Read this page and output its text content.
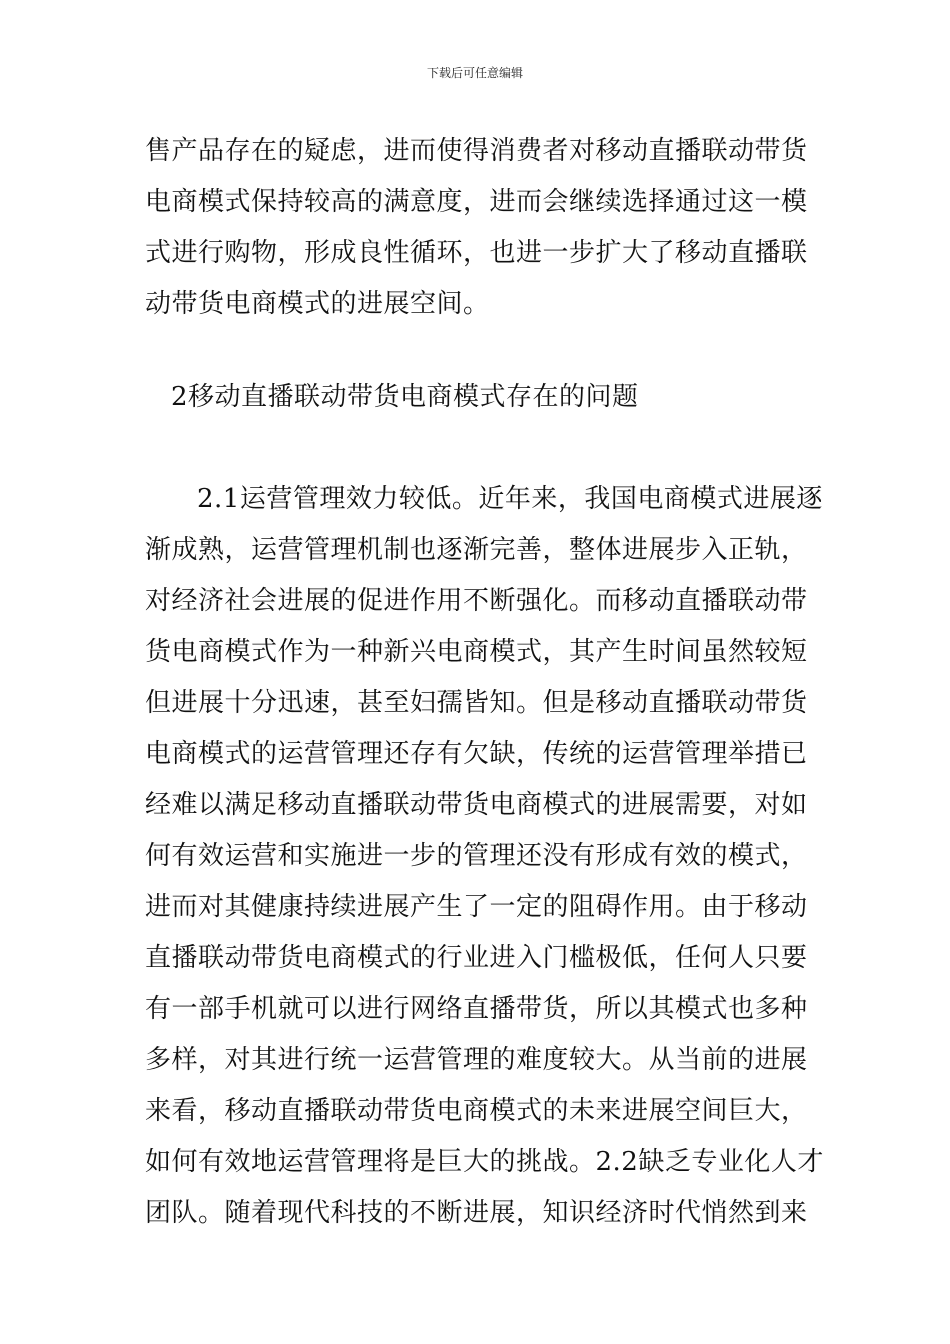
下载后可任意编辑
售产品存在的疑虑，进而使得消费者对移动直播联动带货
电商模式保持较高的满意度，进而会继续选择通过这一模
式进行购物，形成良性循环，也进一步扩大了移动直播联
动带货电商模式的进展空间。
2移动直播联动带货电商模式存在的问题
2.1运营管理效力较低。近年来，我国电商模式进展逐
渐成熟，运营管理机制也逐渐完善，整体进展步入正轨，
对经济社会进展的促进作用不断强化。而移动直播联动带
货电商模式作为一种新兴电商模式，其产生时间虽然较短
但进展十分迅速，甚至妇孺皆知。但是移动直播联动带货
电商模式的运营管理还存有欠缺，传统的运营管理举措已
经难以满足移动直播联动带货电商模式的进展需要，对如
何有效运营和实施进一步的管理还没有形成有效的模式，
进而对其健康持续进展产生了一定的阻碍作用。由于移动
直播联动带货电商模式的行业进入门槛极低，任何人只要
有一部手机就可以进行网络直播带货，所以其模式也多种
多样，对其进行统一运营管理的难度较大。从当前的进展
来看，移动直播联动带货电商模式的未来进展空间巨大，
如何有效地运营管理将是巨大的挑战。2.2缺乏专业化人才
团队。随着现代科技的不断进展，知识经济时代悄然到来
